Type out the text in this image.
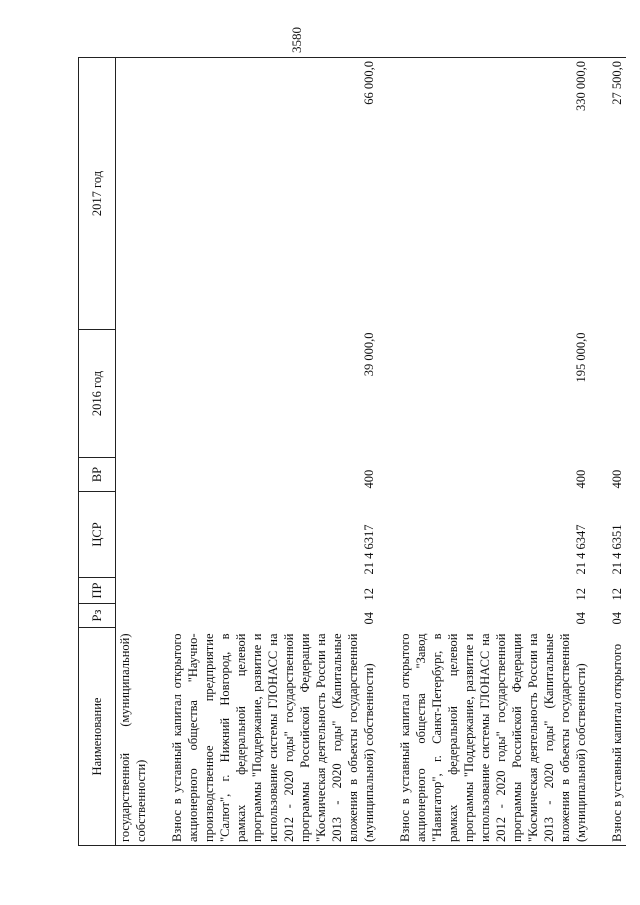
3580
Наименование	Рз	ПР	ЦСР	ВР	2016 год	2017 год
государственной (муниципальной) собственности)						

Взнос в уставный капитал открытого акционерного общества "Научно-производственное предприятие "Салют", г. Нижний Новгород, в рамках федеральной целевой программы "Поддержание, развитие и использование системы ГЛОНАСС на 2012 - 2020 годы" государственной программы Российской Федерации "Космическая деятельность России на 2013 - 2020 годы" (Капитальные вложения в объекты государственной (муниципальной) собственности)	04	12	21 4 6317	400	39 000,0	66 000,0

Взнос в уставный капитал открытого акционерного общества "Завод "Навигатор", г. Санкт-Петербург, в рамках федеральной целевой программы "Поддержание, развитие и использование системы ГЛОНАСС на 2012 - 2020 годы" государственной программы Российской Федерации "Космическая деятельность России на 2013 - 2020 годы" (Капитальные вложения в объекты государственной (муниципальной) собственности)	04	12	21 4 6347	400	195 000,0	330 000,0

Взнос в уставный капитал открытого	04	12	21 4 6351	400		27 500,0
